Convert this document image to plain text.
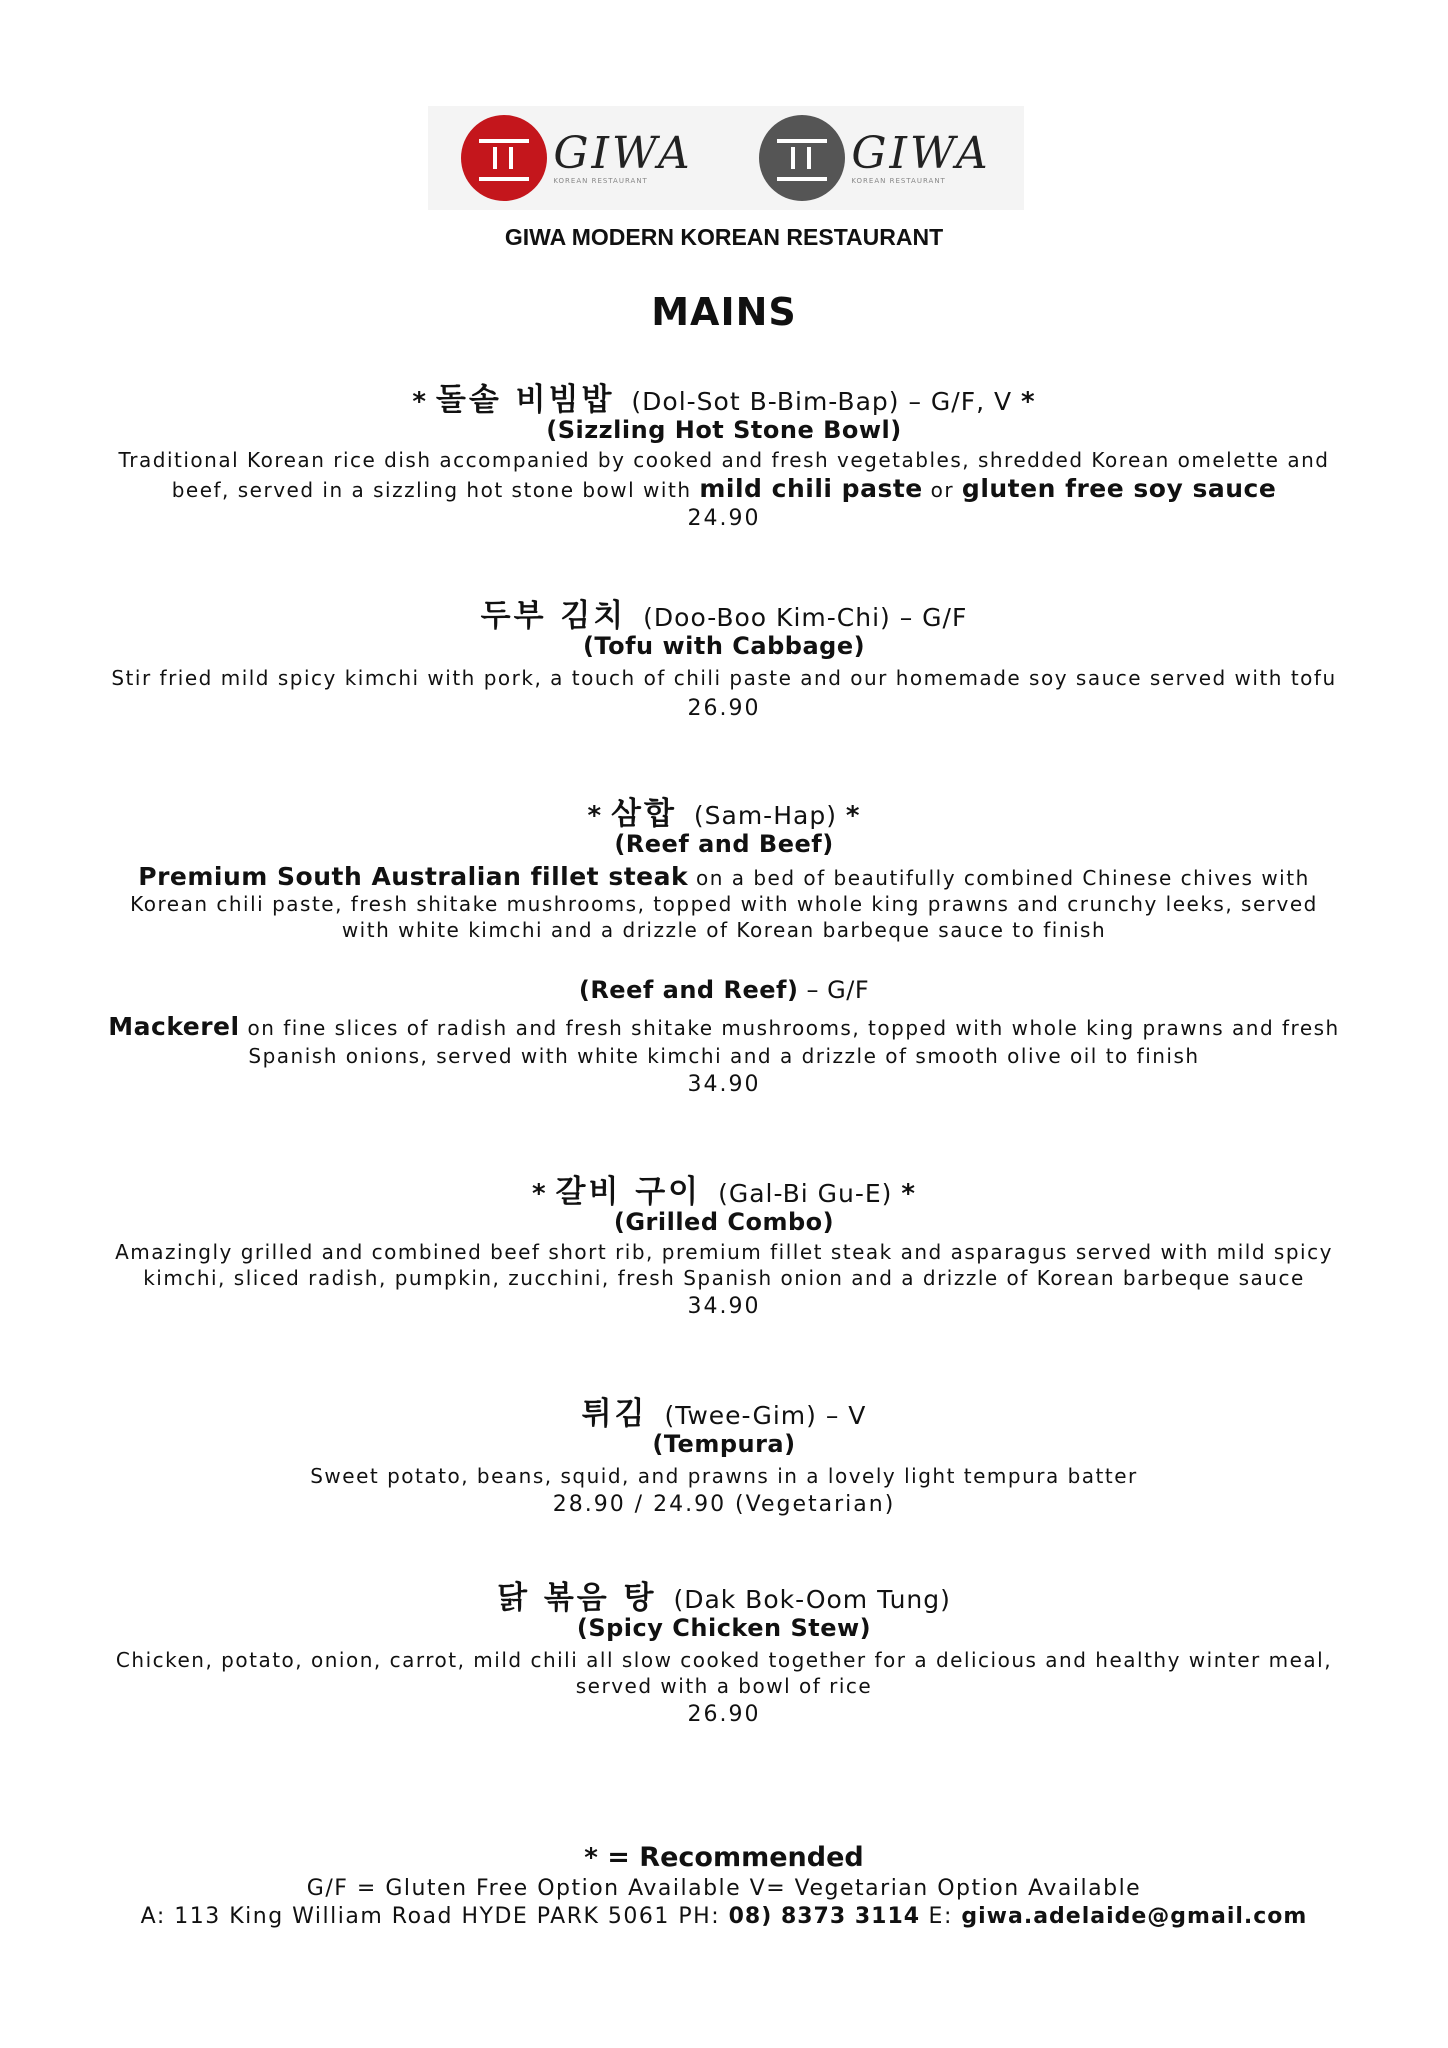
GIWA
KOREAN RESTAURANT
GIWA
KOREAN RESTAURANT
GIWA MODERN KOREAN RESTAURANT
MAINS
* 돌솥 비빔밥 (Dol-Sot B-Bim-Bap) – G/F, V *
(Sizzling Hot Stone Bowl)
Traditional Korean rice dish accompanied by cooked and fresh vegetables, shredded Korean omelette and
beef, served in a sizzling hot stone bowl with mild chili paste or gluten free soy sauce
24.90
두부 김치 (Doo-Boo Kim-Chi) – G/F
(Tofu with Cabbage)
Stir fried mild spicy kimchi with pork, a touch of chili paste and our homemade soy sauce served with tofu
26.90
* 삼합 (Sam-Hap) *
(Reef and Beef)
Premium South Australian fillet steak on a bed of beautifully combined Chinese chives with
Korean chili paste, fresh shitake mushrooms, topped with whole king prawns and crunchy leeks, served
with white kimchi and a drizzle of Korean barbeque sauce to finish
(Reef and Reef) – G/F
Mackerel on fine slices of radish and fresh shitake mushrooms, topped with whole king prawns and fresh
Spanish onions, served with white kimchi and a drizzle of smooth olive oil to finish
34.90
* 갈비 구이 (Gal-Bi Gu-E) *
(Grilled Combo)
Amazingly grilled and combined beef short rib, premium fillet steak and asparagus served with mild spicy
kimchi, sliced radish, pumpkin, zucchini, fresh Spanish onion and a drizzle of Korean barbeque sauce
34.90
튀김 (Twee-Gim) – V
(Tempura)
Sweet potato, beans, squid, and prawns in a lovely light tempura batter
28.90 / 24.90 (Vegetarian)
닭 볶음 탕 (Dak Bok-Oom Tung)
(Spicy Chicken Stew)
Chicken, potato, onion, carrot, mild chili all slow cooked together for a delicious and healthy winter meal,
served with a bowl of rice
26.90
* = Recommended
G/F = Gluten Free Option Available V= Vegetarian Option Available
A: 113 King William Road HYDE PARK 5061 PH: 08) 8373 3114 E: giwa.adelaide@gmail.com
